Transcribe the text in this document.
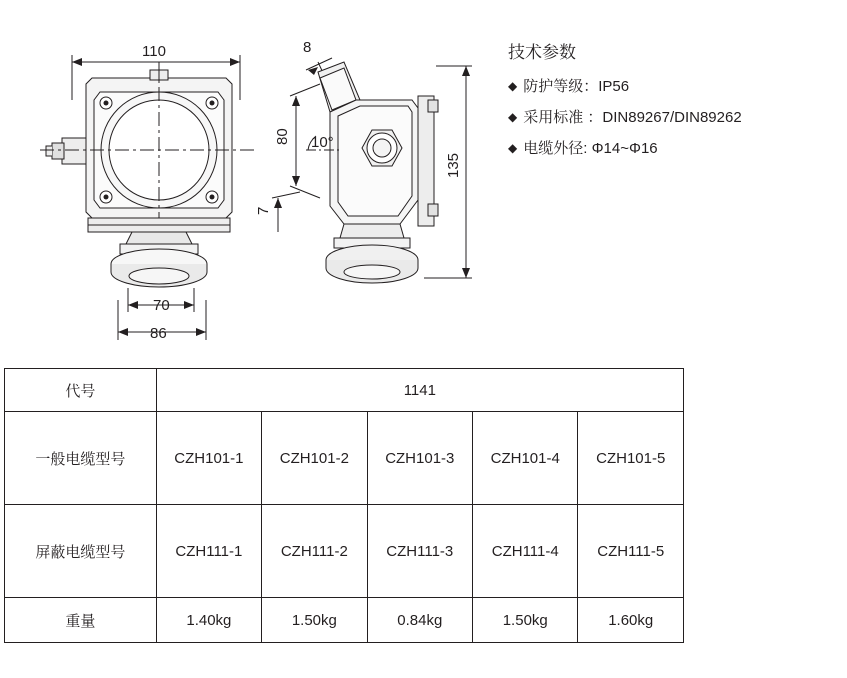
110
70
86
8
80 10°
7
135
技术参数
◆ 防护等级：IP56
◆ 采用标准 ：DIN89267/DIN89262
◆ 电缆外径: Φ14~Φ16
代号	1141				
一般电缆型号	CZH101-1	CZH101-2	CZH101-3	CZH101-4	CZH101-5
屏蔽电缆型号	CZH111-1	CZH111-2	CZH111-3	CZH111-4	CZH111-5
重量	1.40kg	1.50kg	0.84kg	1.50kg	1.60kg
